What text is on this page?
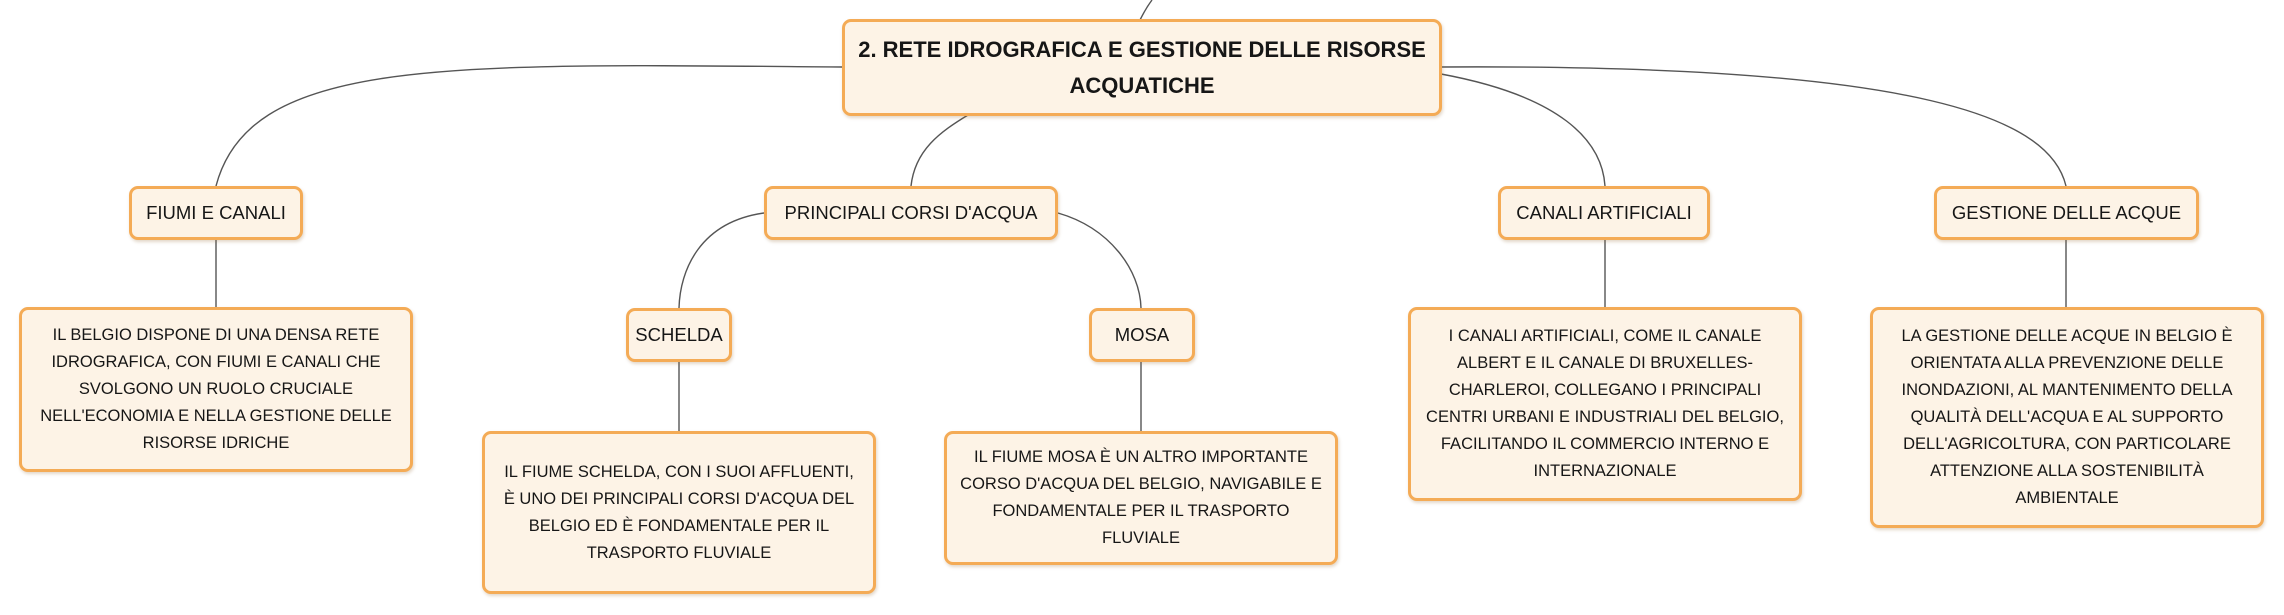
2. RETE IDROGRAFICA E GESTIONE DELLE RISORSE ACQUATICHE
FIUMI E CANALI
IL BELGIO DISPONE DI UNA DENSA RETE IDROGRAFICA, CON FIUMI E CANALI CHE SVOLGONO UN RUOLO CRUCIALE NELL'ECONOMIA E NELLA GESTIONE DELLE RISORSE IDRICHE
PRINCIPALI CORSI D'ACQUA
SCHELDA
IL FIUME SCHELDA, CON I SUOI AFFLUENTI, È UNO DEI PRINCIPALI CORSI D'ACQUA DEL BELGIO ED È FONDAMENTALE PER IL TRASPORTO FLUVIALE
MOSA
IL FIUME MOSA È UN ALTRO IMPORTANTE CORSO D'ACQUA DEL BELGIO, NAVIGABILE E FONDAMENTALE PER IL TRASPORTO FLUVIALE
CANALI ARTIFICIALI
I CANALI ARTIFICIALI, COME IL CANALE ALBERT E IL CANALE DI BRUXELLES-CHARLEROI, COLLEGANO I PRINCIPALI CENTRI URBANI E INDUSTRIALI DEL BELGIO, FACILITANDO IL COMMERCIO INTERNO E INTERNAZIONALE
GESTIONE DELLE ACQUE
LA GESTIONE DELLE ACQUE IN BELGIO È ORIENTATA ALLA PREVENZIONE DELLE INONDAZIONI, AL MANTENIMENTO DELLA QUALITÀ DELL'ACQUA E AL SUPPORTO DELL'AGRICOLTURA, CON PARTICOLARE ATTENZIONE ALLA SOSTENIBILITÀ AMBIENTALE
